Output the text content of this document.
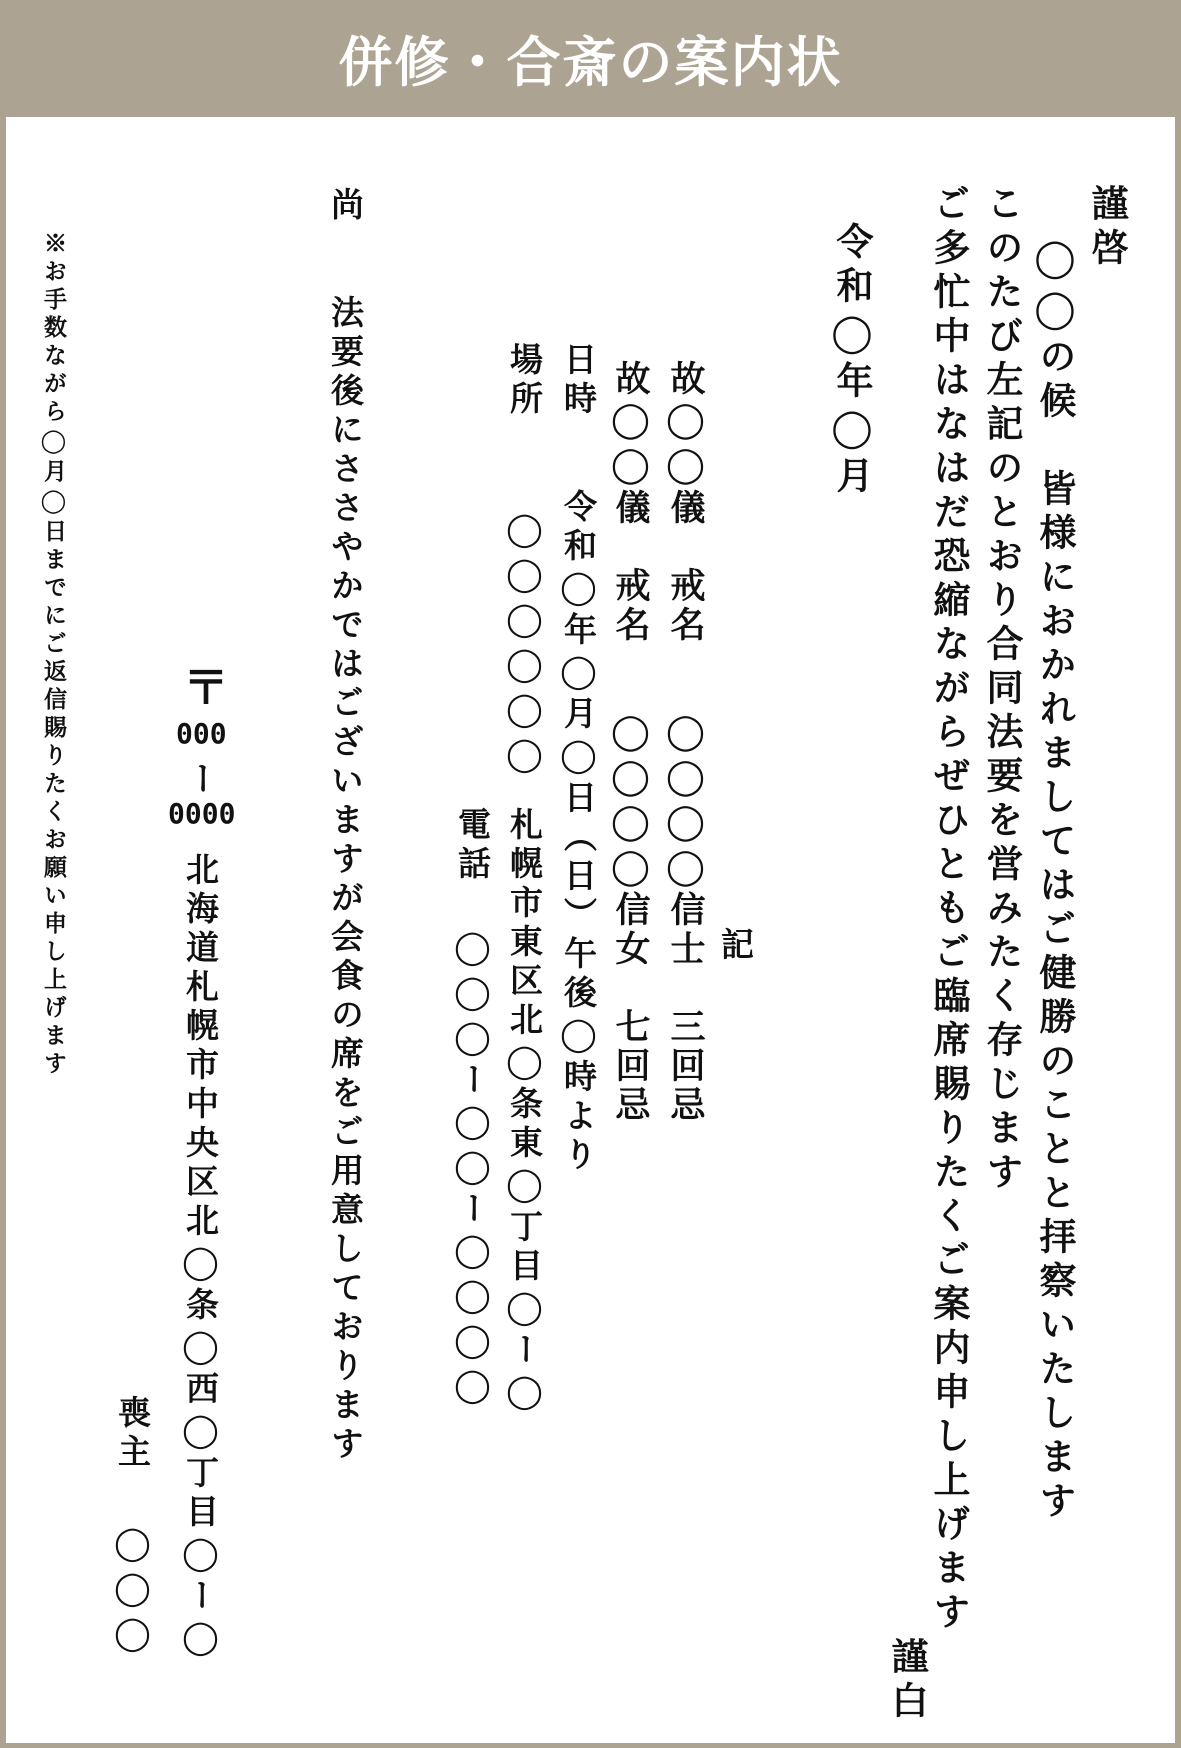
併修・合斎の案内状
謹啓
◯◯の候　皆様におかれましてはご健勝のことと拝察いたします
このたび左記のとおり合同法要を営みたく存じます
ご多忙中はなはだ恐縮ながらぜひともご臨席賜りたくご案内申し上げます
謹白
令和◯年◯月
記
故◯◯儀　戒名
◯◯◯◯信士　三回忌
故◯◯儀　戒名
◯◯◯◯信女　七回忌
日時
令和◯年◯月◯日（日）午後◯時より
場所
◯◯◯◯◯◯
札幌市東区北◯条東◯丁目◯ー◯
電話
◯◯◯ー◯◯ー◯◯◯◯
尚
法要後にささやかではございますが会食の席をご用意しております
〒
000
ー
0000
北海道札幌市中央区北◯条◯西◯丁目◯ー◯
喪主
◯◯◯
※お手数ながら◯月◯日までにご返信賜りたくお願い申し上げます
